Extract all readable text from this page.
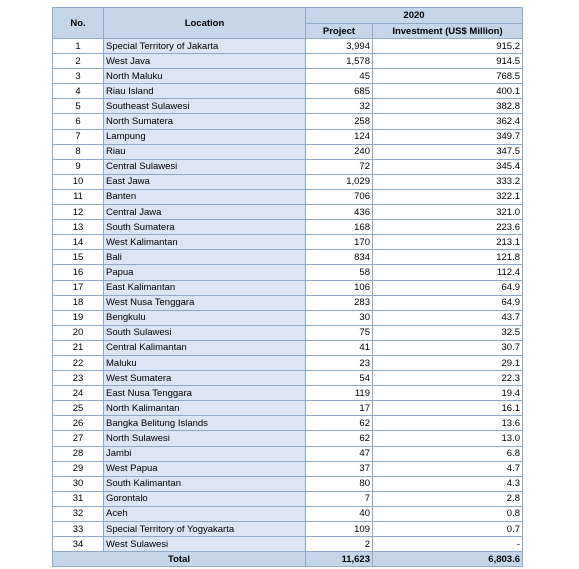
No.	Location	2020	
		Project	Investment (US$ Million)
1	Special Territory of Jakarta	3,994	915.2
2	West Java	1,578	914.5
3	North Maluku	45	768.5
4	Riau Island	685	400.1
5	Southeast Sulawesi	32	382.8
6	North Sumatera	258	362.4
7	Lampung	124	349.7
8	Riau	240	347.5
9	Central Sulawesi	72	345.4
10	East Jawa	1,029	333.2
11	Banten	706	322.1
12	Central Jawa	436	321.0
13	South Sumatera	168	223.6
14	West Kalimantan	170	213.1
15	Bali	834	121.8
16	Papua	58	112.4
17	East Kalimantan	106	64.9
18	West Nusa Tenggara	283	64.9
19	Bengkulu	30	43.7
20	South Sulawesi	75	32.5
21	Central Kalimantan	41	30.7
22	Maluku	23	29.1
23	West Sumatera	54	22.3
24	East Nusa Tenggara	119	19.4
25	North Kalimantan	17	16.1
26	Bangka Belitung Islands	62	13.6
27	North Sulawesi	62	13.0
28	Jambi	47	6.8
29	West Papua	37	4.7
30	South Kalimantan	80	4.3
31	Gorontalo	7	2.8
32	Aceh	40	0.8
33	Special Territory of Yogyakarta	109	0.7
34	West Sulawesi	2	-
Total		11,623	6,803.6
